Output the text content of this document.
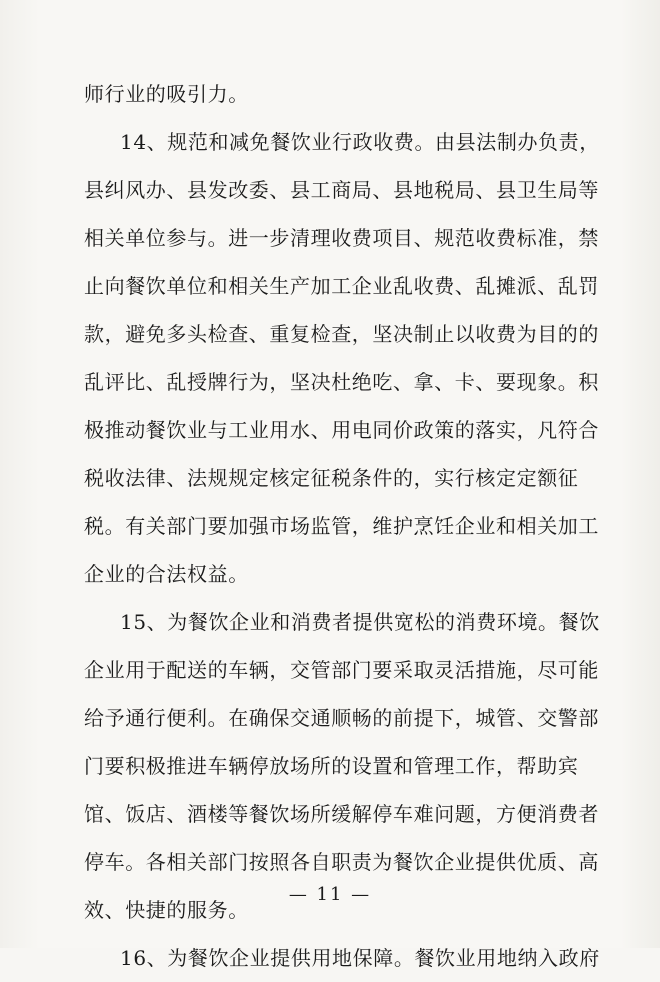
师行业的吸引力。
14、规范和减免餐饮业行政收费。由县法制办负责，
县纠风办、县发改委、县工商局、县地税局、县卫生局等
相关单位参与。进一步清理收费项目、规范收费标准，禁
止向餐饮单位和相关生产加工企业乱收费、乱摊派、乱罚
款，避免多头检查、重复检查，坚决制止以收费为目的的
乱评比、乱授牌行为，坚决杜绝吃、拿、卡、要现象。积
极推动餐饮业与工业用水、用电同价政策的落实，凡符合
税收法律、法规规定核定征税条件的，实行核定定额征
税。有关部门要加强市场监管，维护烹饪企业和相关加工
企业的合法权益。
15、为餐饮企业和消费者提供宽松的消费环境。餐饮
企业用于配送的车辆，交管部门要采取灵活措施，尽可能
给予通行便利。在确保交通顺畅的前提下，城管、交警部
门要积极推进车辆停放场所的设置和管理工作，帮助宾
馆、饭店、酒楼等餐饮场所缓解停车难问题，方便消费者
停车。各相关部门按照各自职责为餐饮企业提供优质、高
效、快捷的服务。
16、为餐饮企业提供用地保障。餐饮业用地纳入政府
— 11 —
